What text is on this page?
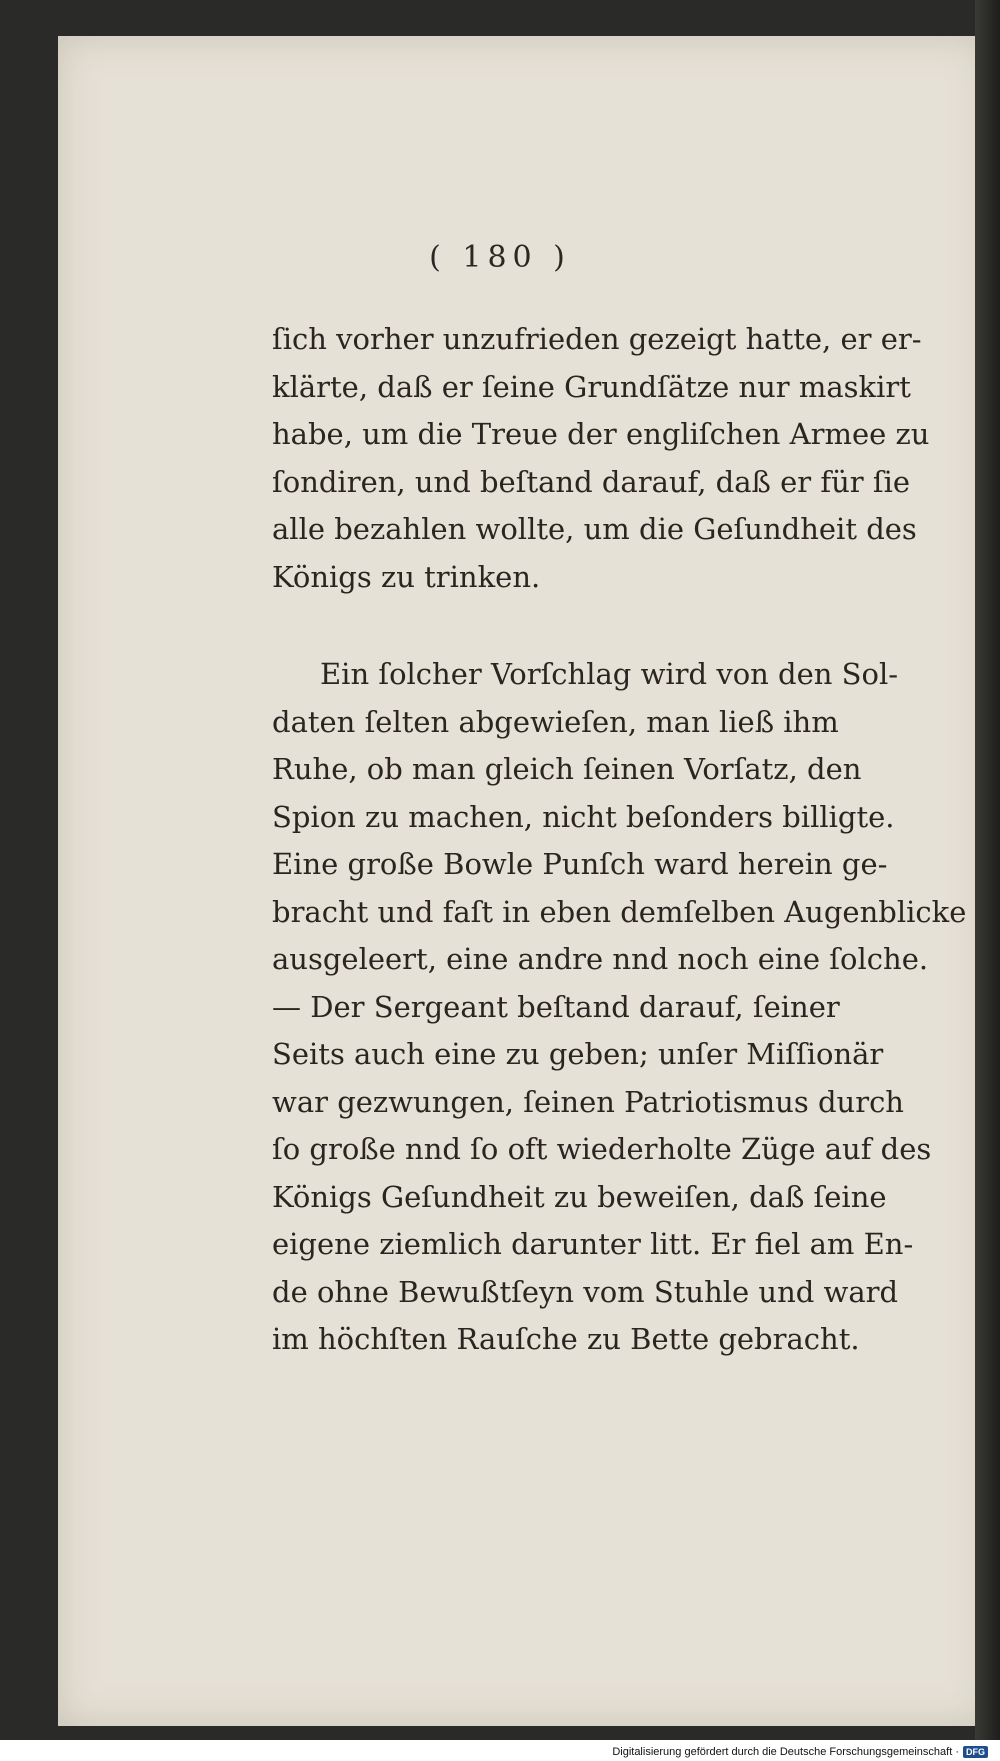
( 180 )

ſich vorher unzufrieden gezeigt hatte, er er-
klärte, daß er ſeine Grundſätze nur maskirt
habe, um die Treue der engliſchen Armee zu
ſondiren, und beſtand darauf, daß er für ſie
alle bezahlen wollte, um die Geſundheit des
Königs zu trinken.

Ein ſolcher Vorſchlag wird von den Sol-
daten ſelten abgewieſen, man ließ ihm
Ruhe, ob man gleich ſeinen Vorſatz, den
Spion zu machen, nicht beſonders billigte.
Eine große Bowle Punſch ward herein ge-
bracht und faſt in eben demſelben Augenblicke
ausgeleert, eine andre nnd noch eine ſolche.
— Der Sergeant beſtand darauf, ſeiner
Seits auch eine zu geben; unſer Miſſionär
war gezwungen, ſeinen Patriotismus durch
ſo große nnd ſo oft wiederholte Züge auf des
Königs Geſundheit zu beweiſen, daß ſeine
eigene ziemlich darunter litt. Er fiel am En-
de ohne Bewußtſeyn vom Stuhle und ward
im höchſten Rauſche zu Bette gebracht.

Digitalisierung gefördert durch die Deutsche Forschungsgemeinschaft · DFG
